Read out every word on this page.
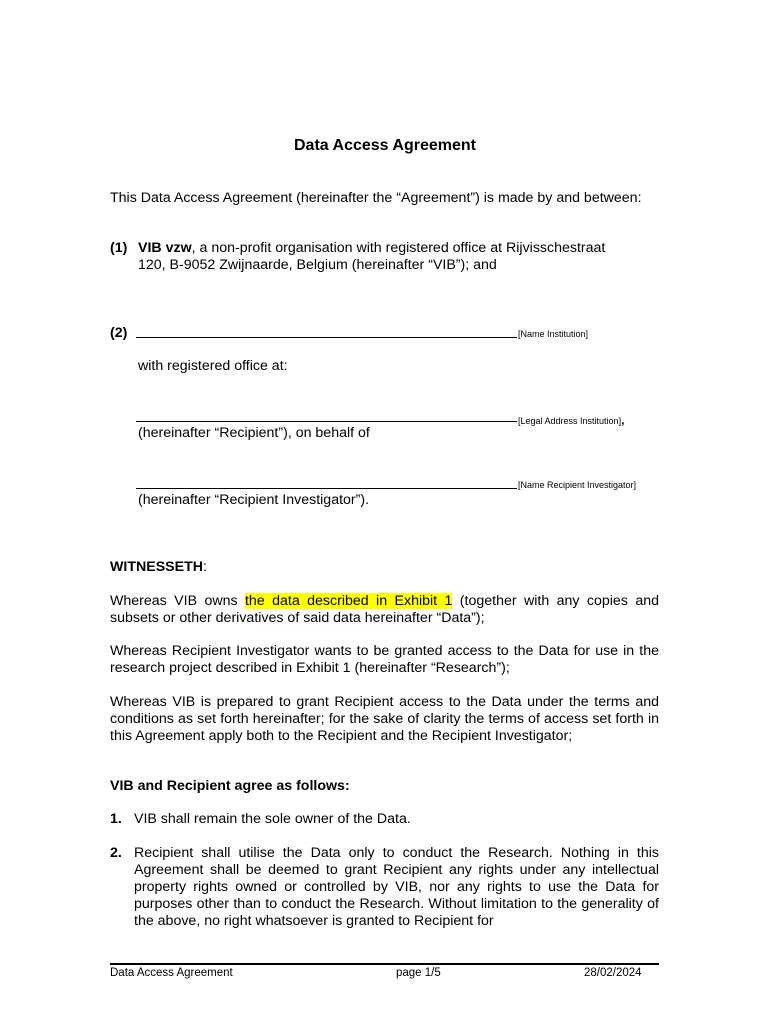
Data Access Agreement
This Data Access Agreement (hereinafter the “Agreement”) is made by and between:
(1) VIB vzw, a non-profit organisation with registered office at Rijvisschestraat
120, B-9052 Zwijnaarde, Belgium (hereinafter “VIB”); and
(2)	[Name Institution]
with registered office at:
[Legal Address Institution],
(hereinafter “Recipient”), on behalf of
[Name Recipient Investigator]
(hereinafter “Recipient Investigator”).
WITNESSETH:
Whereas VIB owns the data described in Exhibit 1 (together with any copies and subsets or other derivatives of said data hereinafter “Data”);
Whereas Recipient Investigator wants to be granted access to the Data for use in the research project described in Exhibit 1 (hereinafter “Research”);
Whereas VIB is prepared to grant Recipient access to the Data under the terms and conditions as set forth hereinafter; for the sake of clarity the terms of access set forth in this Agreement apply both to the Recipient and the Recipient Investigator;
VIB and Recipient agree as follows:
1. VIB shall remain the sole owner of the Data.
2. Recipient shall utilise the Data only to conduct the Research. Nothing in this Agreement shall be deemed to grant Recipient any rights under any intellectual property rights owned or controlled by VIB, nor any rights to use the Data for purposes other than to conduct the Research. Without limitation to the generality of the above, no right whatsoever is granted to Recipient for
Data Access Agreement	page 1/5	28/02/2024
